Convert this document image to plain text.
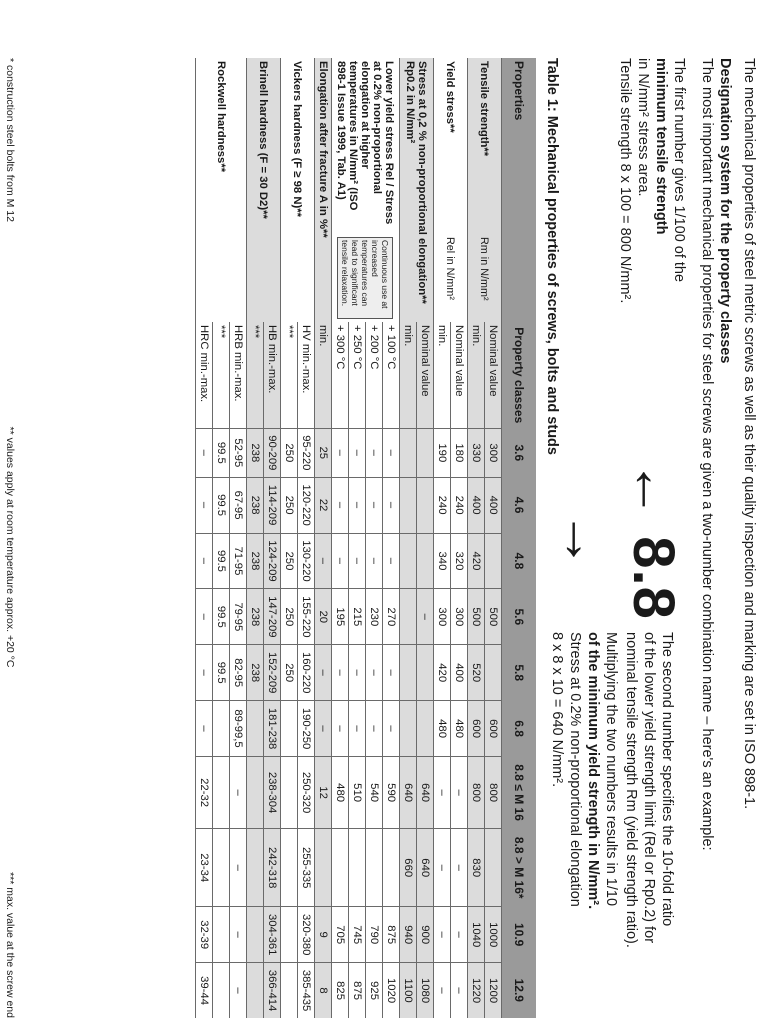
The mechanical properties of steel metric screws as well as their quality inspection and marking are set in ISO 898-1.
Designation system for the property classes
The most important mechanical properties for steel screws are given a two-number combination name – here's an example:
The first number gives 1/100 of the
minimum tensile strength
in N/mm² stress area.
Tensile strength 8 x 100 = 800 N/mm².
← 8.8 →
The second number specifies the 10-fold ratio
of the lower yield strength limit (Rel or Rp0.2) for
nominal tensile strength Rm (yield strength ratio).
Multiplying the two numbers results in 1/10
of the minimum yield strength in N/mm².
Stress at 0.2% non-proportional elongation
8 x 8 x 10 = 640 N/mm².
Table 1: Mechanical properties of screws, bolts and studs
Properties		Property classes	3.6	4.6	4.8	5.6	5.8	6.8	8.8 ≤ M 16	8.8 > M 16*	10.9	12.9
Tensile strength**	Rm in N/mm²	Nominal value	300	400		500		600	800		1000	1200
		min.	330	400	420	500	520	600	800	830	1040	1220
Yield stress**	Rel in N/mm²	Nominal value	180	240	320	300	400	480	–	–	–	–
		min.	190	240	340	300	420	480	–	–	–	–
Stress at 0,2 % non-proportional elongation** Rp0.2 in N/mm²		Nominal value				–			640	640	900	1080
		min.							640	660	940	1100
Lower yield stress Rel / Stress at 0.2% non-proportional elongation at higher temperatures in N/mm² (ISO 898-1 Issue 1999, Tab. A1)	Continuous use at increased temperatures can lead to significant tensile relaxation.	+ 100 °C	–	–	–	270	–	–	590		875	1020
		+ 200 °C	–	–	–	230	–	–	540		790	925
		+ 250 °C	–	–	–	215	–	–	510		745	875
		+ 300 °C	–	–	–	195	–	–	480		705	825
Elongation after fracture A in %**		min.	25	22	–	20	–	–	12		9	8
Vickers hardness (F ≥ 98 N)**		HV min.-max.	95-220	120-220	130-220	155-220	160-220	190-250	250-320	255-335	320-380	385-435
		***	250	250	250	250	250					
Brinell hardness (F = 30 D2)**		HB min.-max.	90-209	114-209	124-209	147-209	152-209	181-238	238-304	242-318	304-361	366-414
		***	238	238	238	238	238					
Rockwell hardness**		HRB min.-max.	52-95	67-95	71-95	79-95	82-95	89-99,5	–	–	–	–
		***	99.5	99.5	99.5	99.5	99.5					
		HRC min.-max.	–	–	–	–	–	–	22-32	23-34	32-39	39-44
* construction steel bolts from M 12
** values apply at room temperature approx. +20 °C
*** max. value at the screw end
